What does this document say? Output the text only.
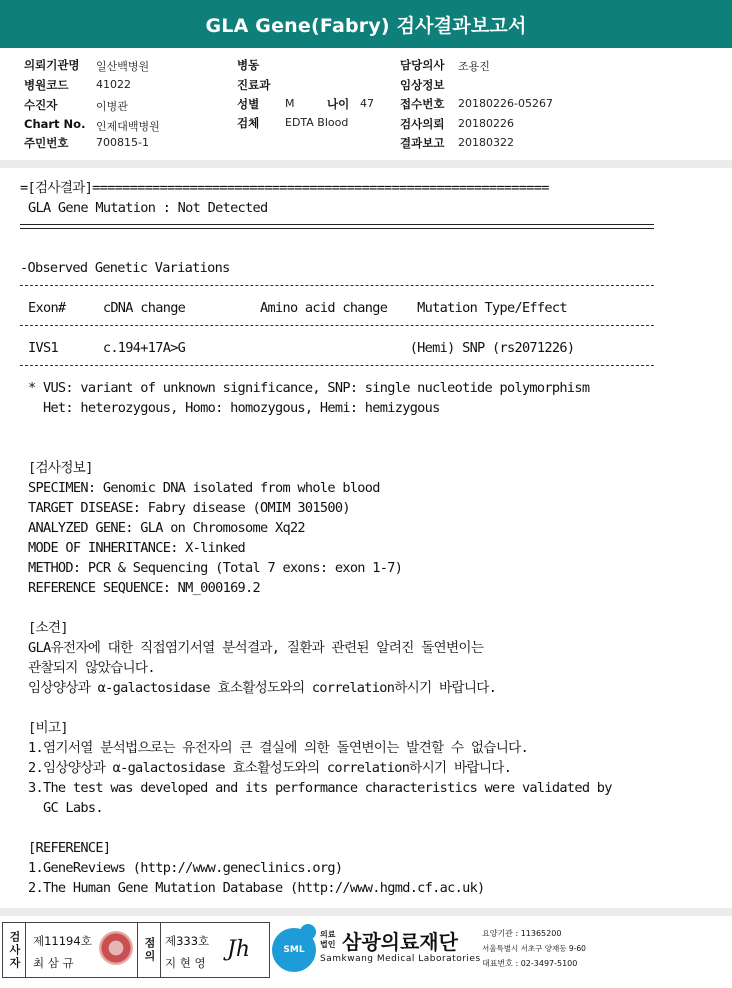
GLA Gene(Fabry) 검사결과보고서
의뢰기관명 일산백병원
병원코드	41022
수진자	이병관
Chart No. 인제대백병원
주민번호	700815-1
병동
진료과
성별 M	나이 47
검체 EDTA Blood
담당의사 조용진
임상정보
접수번호 20180226-05267
검사의뢰 20180226
결과보고 20180322
=[검사결과]=============================================================
GLA Gene Mutation : Not Detected
-Observed Genetic Variations
Exon#     cDNA change          Amino acid change    Mutation Type/Effect
IVS1      c.194+17A>G                              (Hemi) SNP (rs2071226)
* VUS: variant of unknown significance, SNP: single nucleotide polymorphism
Het: heterozygous, Homo: homozygous, Hemi: hemizygous
[검사정보]
SPECIMEN: Genomic DNA isolated from whole blood
TARGET DISEASE: Fabry disease (OMIM 301500)
ANALYZED GENE: GLA on Chromosome Xq22
MODE OF INHERITANCE: X-linked
METHOD: PCR & Sequencing (Total 7 exons: exon 1-7)
REFERENCE SEQUENCE: NM_000169.2
[소견]
GLA유전자에 대한 직접염기서열 분석결과, 질환과 관련된 알려진 돌연변이는
관찰되지 않았습니다.
임상양상과 α-galactosidase 효소활성도와의 correlation하시기 바랍니다.
[비고]
1.염기서열 분석법으로는 유전자의 큰 결실에 의한 돌연변이는 발견할 수 없습니다.
2.임상양상과 α-galactosidase 효소활성도와의 correlation하시기 바랍니다.
3.The test was developed and its performance characteristics were validated by
GC Labs.
[REFERENCE]
1.GeneReviews (http://www.geneclinics.org)
2.The Human Gene Mutation Database (http://www.hgmd.cf.ac.uk)
검사자 제11194호
최 삼 규	점의 제333호
지 현 영
Jh	SML
의료법인 삼광의료재단
Samkwang Medical Laboratories
요양기관 : 11365200
서울특별시 서초구 양재동 9-60
대표번호 : 02-3497-5100
